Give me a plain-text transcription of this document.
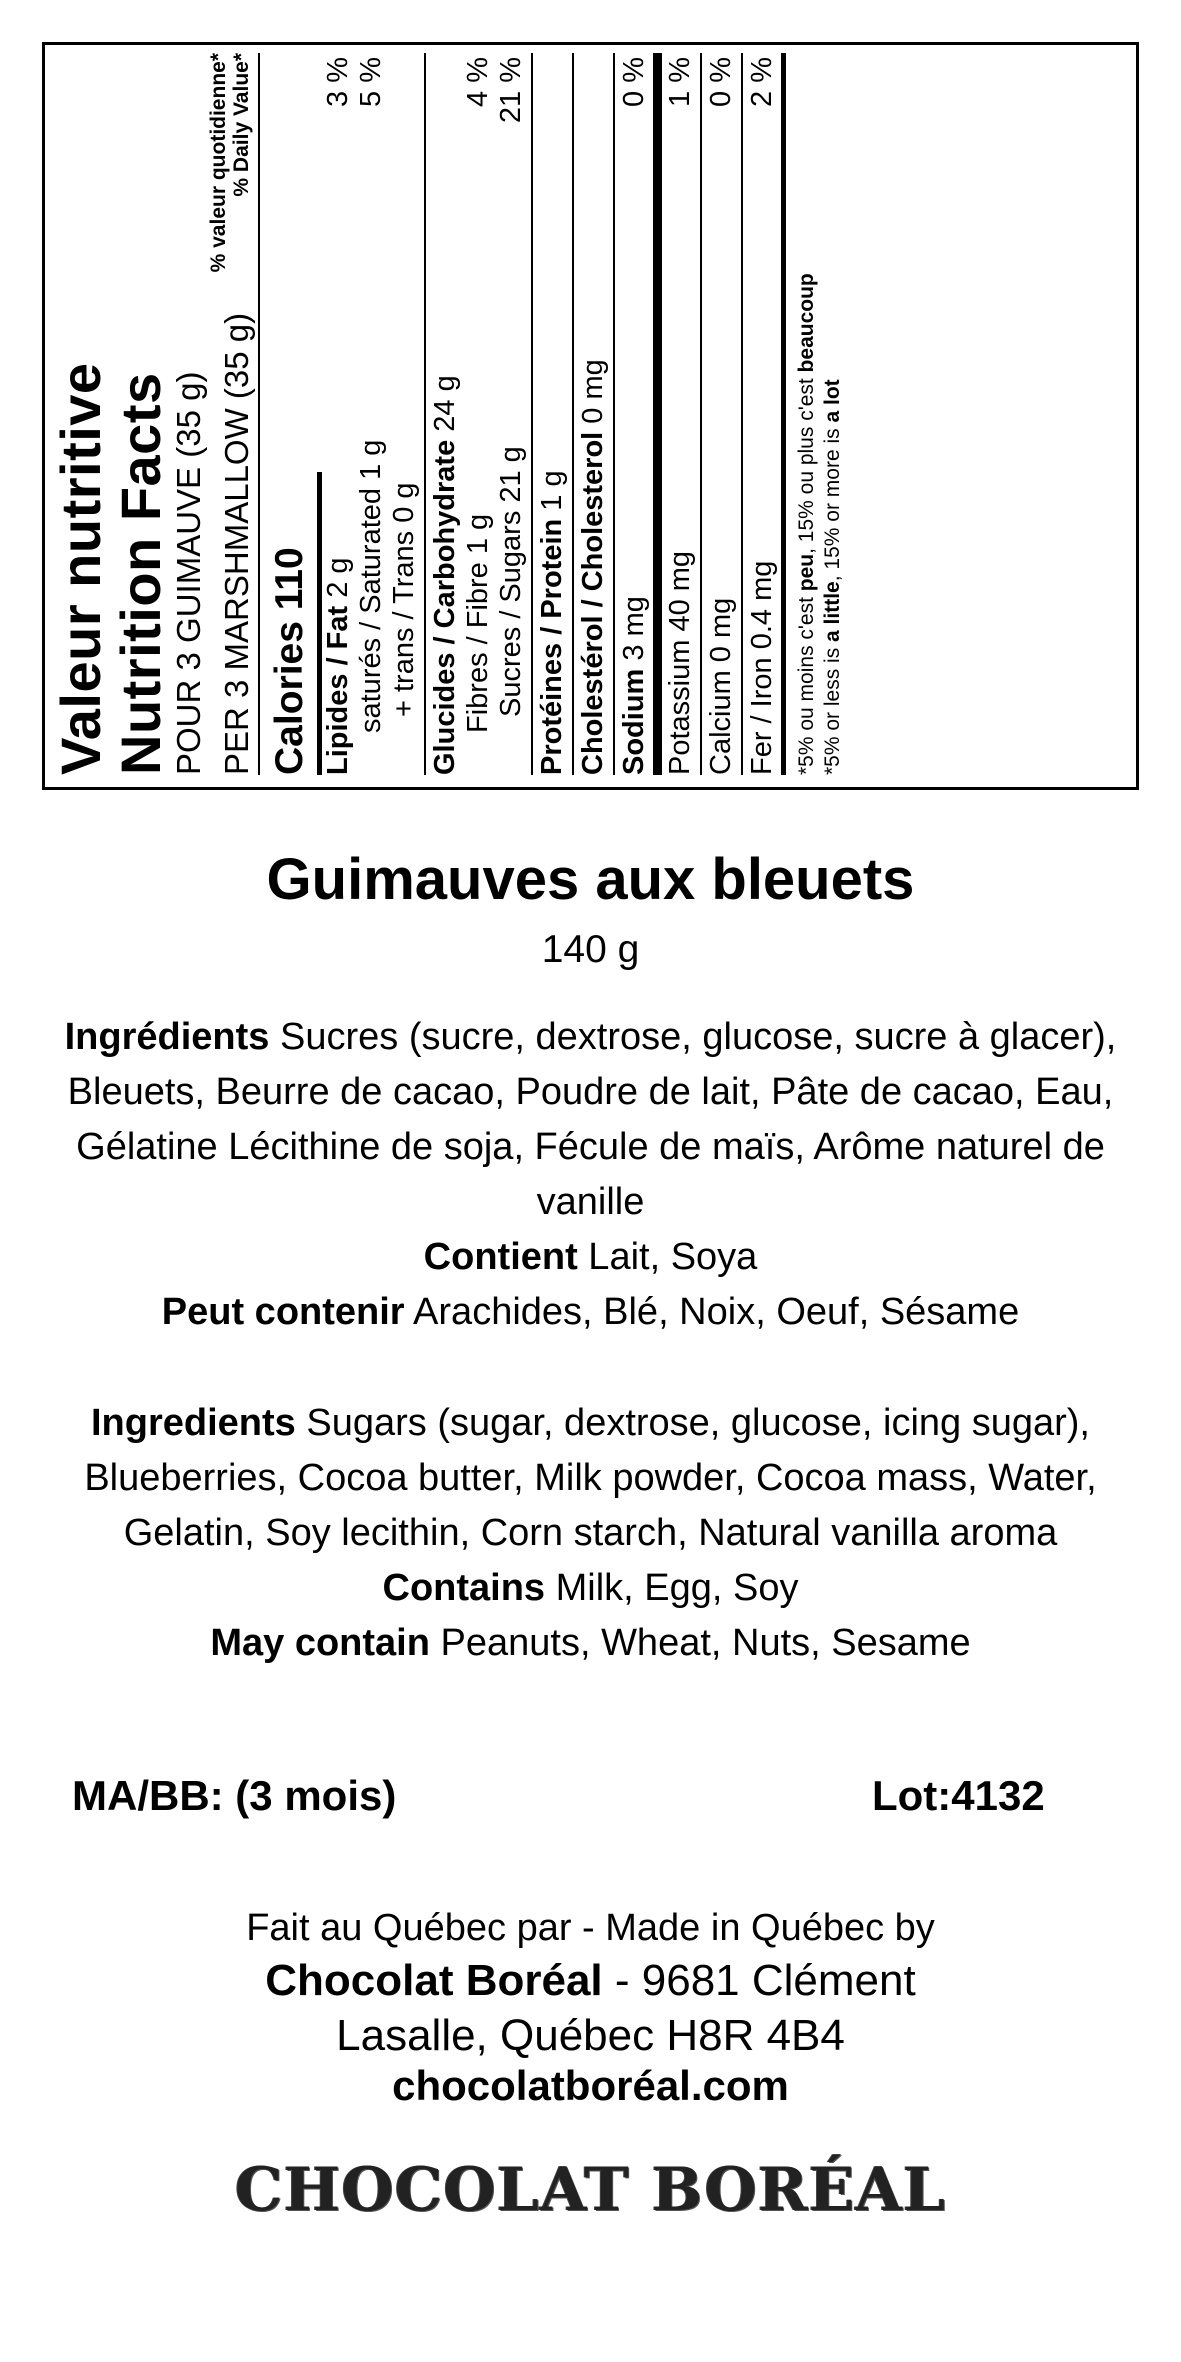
Valeur nutritive
Nutrition Facts
POUR 3 GUIMAUVE (35 g) PER 3 MARSHMALLOW (35 g)
% valeur quotidienne*
% Daily Value*
Calories 110 Lipides / Fat 2 g
3 %
saturés / Saturated 1 g
5 %
+ trans / Trans 0 g Glucides / Carbohydrate 24 g
Fibres / Fibre 1 g
4 %
Sucres / Sugars 21 g
21 %
Protéines / Protein 1 g Cholestérol / Cholesterol 0 mg
Sodium 3 mg
0 %
Potassium 40 mg
1 %
Calcium 0 mg
0 %
Fer / Iron 0.4 mg
2 %
*5% ou moins c'est peu, 15% ou plus c'est beaucoup
*5% or less is a little, 15% or more is a lot
Guimauves aux bleuets
140 g
Ingrédients Sucres (sucre, dextrose, glucose, sucre à glacer), Bleuets, Beurre de cacao, Poudre de lait, Pâte de cacao, Eau, Gélatine Lécithine de soja, Fécule de maïs, Arôme naturel de vanille
Contient Lait, Soya
Peut contenir Arachides, Blé, Noix, Oeuf, Sésame
Ingredients Sugars (sugar, dextrose, glucose, icing sugar), Blueberries, Cocoa butter, Milk powder, Cocoa mass, Water, Gelatin, Soy lecithin, Corn starch, Natural vanilla aroma
Contains Milk, Egg, Soy
May contain Peanuts, Wheat, Nuts, Sesame
MA/BB: (3 mois)	Lot:4132
Fait au Québec par - Made in Québec by
Chocolat Boréal - 9681 Clément
Lasalle, Québec H8R 4B4
chocolatboréal.com
CHOCOLAT BORÉAL
